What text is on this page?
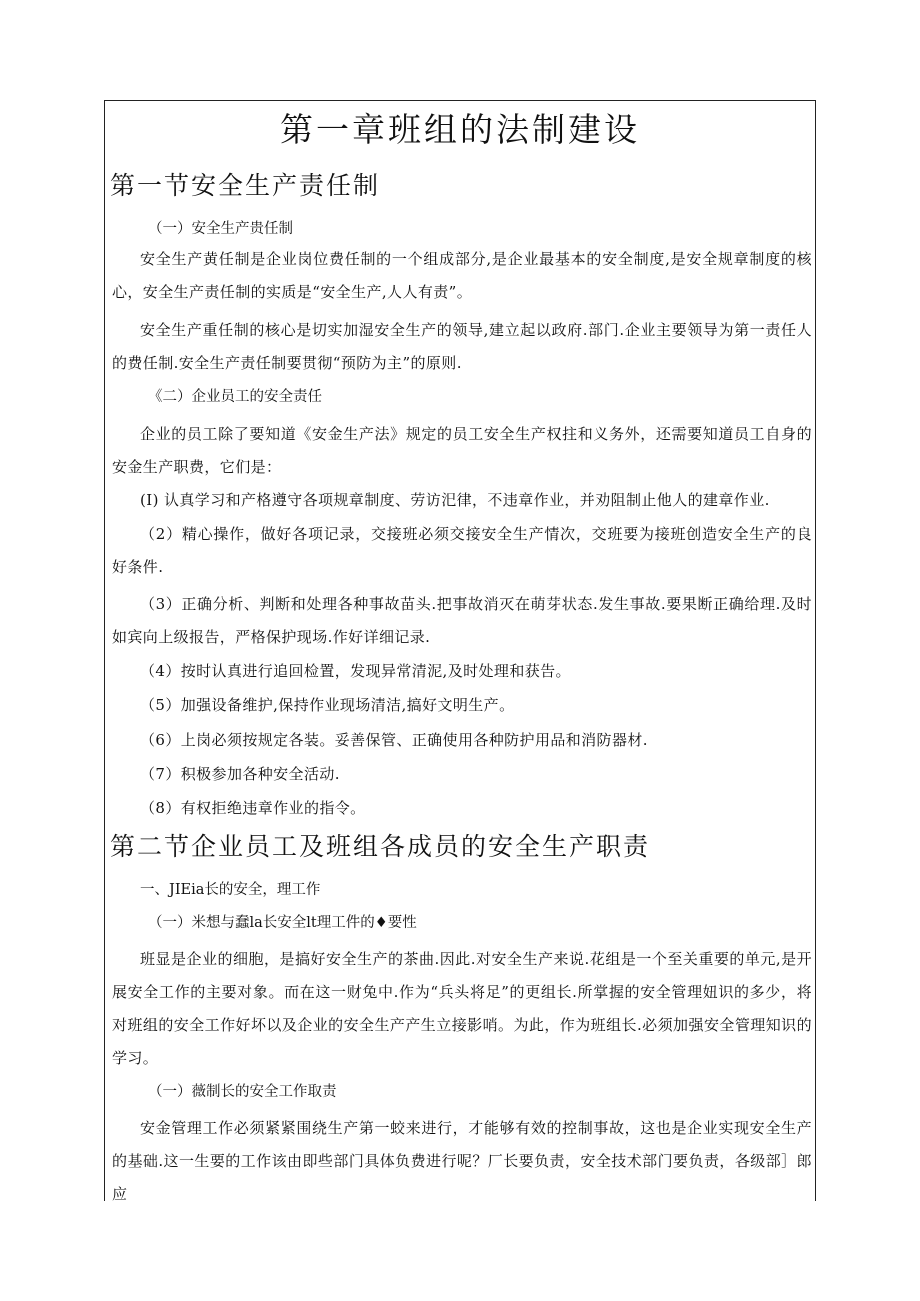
第一章班组的法制建设
第一节安全生产责任制
（一）安全生产贵任制
安全生产黄任制是企业岗位费任制的一个组成部分,是企业最基本的安全制度,是安全规章制度的核心，安全生产责任制的实质是“安全生产,人人有责”。
安全生产重任制的核心是切实加湿安全生产的领导,建立起以政府.部门.企业主要领导为第一责任人的费任制.安全生产责任制要贯彻“预防为主”的原则.
《二）企业员工的安全责任
企业的员工除了要知道《安金生产法》规定的员工安全生产权拄和义务外，还需要知道员工自身的安金生产职费，它们是：
(I) 认真学习和产格遵守各项规章制度、劳访汜律，不违章作业，并劝阻制止他人的建章作业.
（2）精心操作，做好各项记录，交接班必须交接安全生产情次，交班要为接班创造安全生产的良好条件.
（3）正确分析、判断和处理各种事故苗头.把事故消灭在萌芽状态.发生事故.要果断正确给理.及时如宾向上级报告，严格保护现场.作好详细记录.
（4）按时认真进行追回检置，发现异常清泥,及时处理和获告。
（5）加强设备维护,保持作业现场清洁,搞好文明生产。
（6）上岗必须按规定各装。妥善保管、正确使用各种防护用品和消防器材.
（7）积极参加各种安全活动.
（8）有权拒绝违章作业的指令。
第二节企业员工及班组各成员的安全生产职责
一、JIEia长的安全，理工作
（一）米想与蠢la长安全lt理工件的♦要性
班显是企业的细胞，是搞好安全生产的茶曲.因此.对安全生产来说.花组是一个至关重要的单元,是开展安全工作的主要对象。而在这一财兔中.作为“兵头将足”的更组长.所掌握的安全管理妞识的多少，将对班组的安全工作好坏以及企业的安全生产产生立接影哨。为此，作为班组长.必须加强安全管理知识的学习。
（一）薇制长的安全工作取责
安金管理工作必须紧紧围绕生产第一蛟来进行，才能够有效的控制事故，这也是企业实现安全生产的基础.这一生要的工作该由即些部门具体负费进行呢？厂长要负责，安全技术部门要负责，各级部］郎应
